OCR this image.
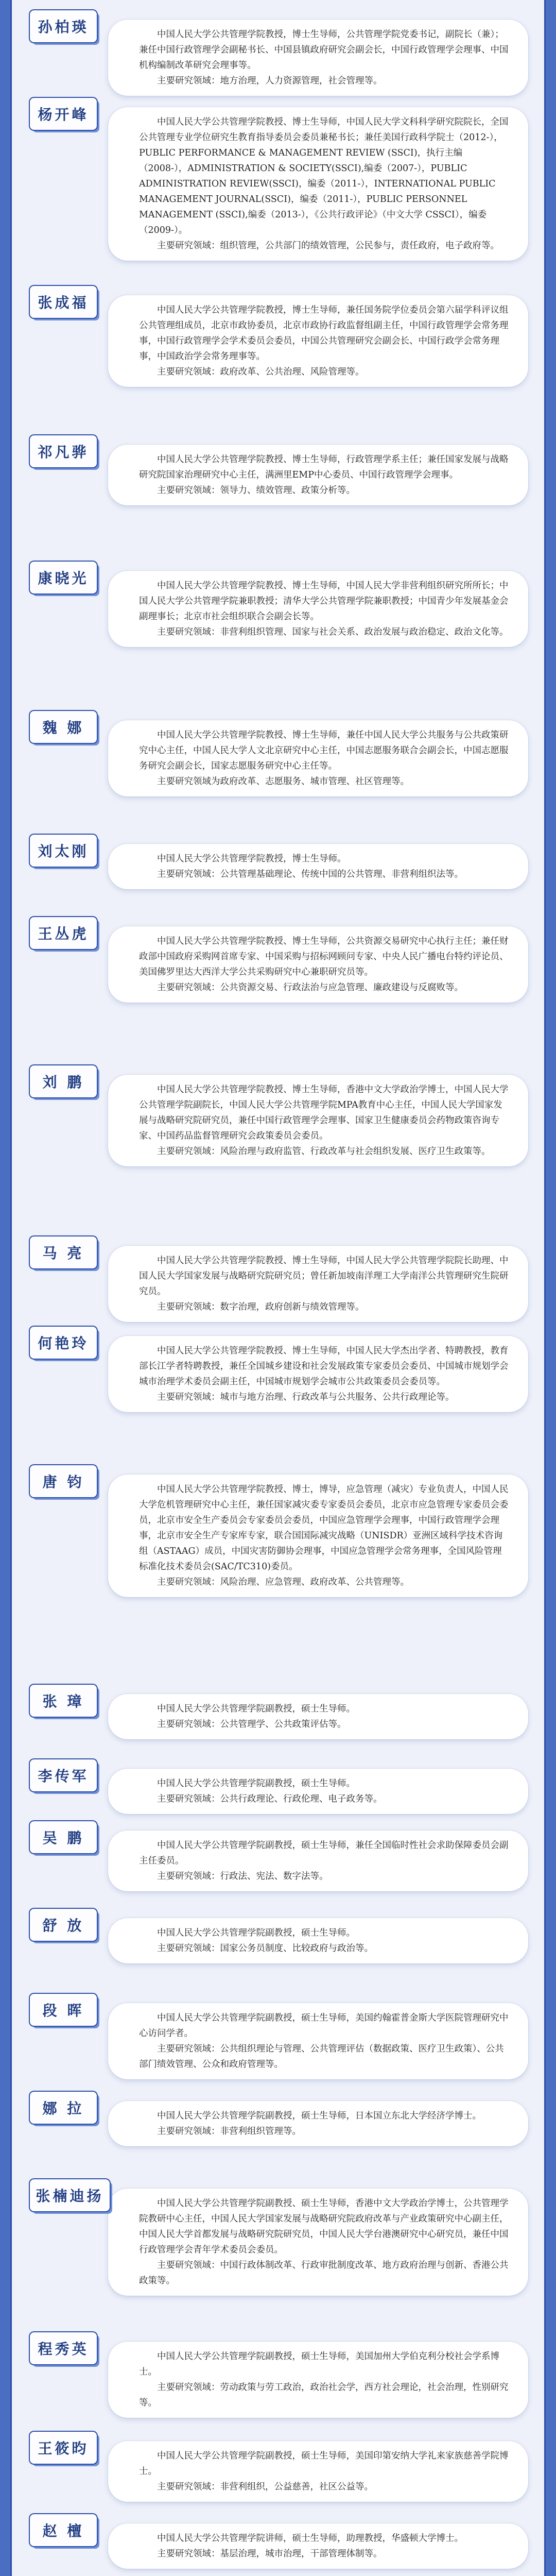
中国人民大学公共管理学院教授，博士生导师，公共管理学院党委书记，副院长（兼）；兼任中国行政管理学会副秘书长、中国县镇政府研究会副会长，中国行政管理学会理事、中国机构编制改革研究会理事等。

主要研究领域：地方治理，人力资源管理，社会管理等。

孙柏瑛

中国人民大学公共管理学院教授、博士生导师，中国人民大学文科科学研究院院长，全国公共管理专业学位研究生教育指导委员会委员兼秘书长；兼任美国行政科学院士（2012-），PUBLIC PERFORMANCE & MANAGEMENT REVIEW (SSCI)，执行主编（2008-），ADMINISTRATION & SOCIETY(SSCI),编委（2007-），PUBLIC ADMINISTRATION REVIEW(SSCI)，编委（2011-），INTERNATIONAL PUBLIC MANAGEMENT JOURNAL(SSCI)，编委（2011-），PUBLIC PERSONNEL MANAGEMENT (SSCI),编委（2013-），《公共行政评论》（中文大学 CSSCI），编委（2009-）。

主要研究领域：组织管理，公共部门的绩效管理，公民参与，责任政府，电子政府等。

杨开峰

中国人民大学公共管理学院教授，博士生导师，兼任国务院学位委员会第六届学科评议组公共管理组成员，北京市政协委员，北京市政协行政监督组副主任，中国行政管理学会常务理事，中国行政管理学会学术委员会委员，中国公共管理研究会副会长、中国行政学会常务理事，中国政治学会常务理事等。

主要研究领域：政府改革、公共治理、风险管理等。

张成福

中国人民大学公共管理学院教授、博士生导师，行政管理学系主任；兼任国家发展与战略研究院国家治理研究中心主任，满洲里EMP中心委员、中国行政管理学会理事。

主要研究领域：领导力、绩效管理、政策分析等。

祁凡骅

中国人民大学公共管理学院教授、博士生导师，中国人民大学非营利组织研究所所长；中国人民大学公共管理学院兼职教授；清华大学公共管理学院兼职教授；中国青少年发展基金会副理事长；北京市社会组织联合会副会长等。

主要研究领域：非营利组织管理、国家与社会关系、政治发展与政治稳定、政治文化等。

康晓光

中国人民大学公共管理学院教授、博士生导师，兼任中国人民大学公共服务与公共政策研究中心主任，中国人民大学人文北京研究中心主任，中国志愿服务联合会副会长，中国志愿服务研究会副会长，国家志愿服务研究中心主任等。

主要研究领域为政府改革、志愿服务、城市管理、社区管理等。

魏 娜

中国人民大学公共管理学院教授，博士生导师。

主要研究领域：公共管理基础理论、传统中国的公共管理、非营利组织法等。

刘太刚

中国人民大学公共管理学院教授、博士生导师，公共资源交易研究中心执行主任；兼任财政部中国政府采购网首席专家、中国采购与招标网顾问专家、中央人民广播电台特约评论员、美国佛罗里达大西洋大学公共采购研究中心兼职研究员等。

主要研究领域：公共资源交易、行政法治与应急管理、廉政建设与反腐败等。

王丛虎

中国人民大学公共管理学院教授、博士生导师，香港中文大学政治学博士，中国人民大学公共管理学院副院长，中国人民大学公共管理学院MPA教育中心主任，中国人民大学国家发展与战略研究院研究员，兼任中国行政管理学会理事、国家卫生健康委员会药物政策咨询专家、中国药品监督管理研究会政策委员会委员。

主要研究领域：风险治理与政府监管、行政改革与社会组织发展、医疗卫生政策等。

刘 鹏

中国人民大学公共管理学院教授、博士生导师，中国人民大学公共管理学院院长助理、中国人民大学国家发展与战略研究院研究员；曾任新加坡南洋理工大学南洋公共管理研究生院研究员。

主要研究领域：数字治理，政府创新与绩效管理等。

马 亮

中国人民大学公共管理学院教授、博士生导师，中国人民大学杰出学者、特聘教授，教育部长江学者特聘教授，兼任全国城乡建设和社会发展政策专家委员会委员、中国城市规划学会城市治理学术委员会副主任，中国城市规划学会城市公共政策委员会委员等。

主要研究领域：城市与地方治理、行政改革与公共服务、公共行政理论等。

何艳玲

中国人民大学公共管理学院教授、博士，博导，应急管理（减灾）专业负责人，中国人民大学危机管理研究中心主任，兼任国家减灾委专家委员会委员，北京市应急管理专家委员会委员，北京市安全生产委员会专家委员会委员，中国应急管理学会理事，中国行政管理学会理事，北京市安全生产专家库专家，联合国国际减灾战略（UNISDR）亚洲区域科学技术咨询组（ASTAAG）成员，中国灾害防御协会理事，中国应急管理学会常务理事，全国风险管理标准化技术委员会(SAC/TC310)委员。

主要研究领域：风险治理、应急管理、政府改革、公共管理等。

唐 钧

中国人民大学公共管理学院副教授，硕士生导师。

主要研究领域：公共管理学、公共政策评估等。

张 璋

中国人民大学公共管理学院副教授，硕士生导师。

主要研究领域：公共行政理论、行政伦理、电子政务等。

李传军

中国人民大学公共管理学院副教授，硕士生导师，兼任全国临时性社会求助保障委员会副主任委员。

主要研究领域：行政法、宪法、数字法等。

吴 鹏

中国人民大学公共管理学院副教授，硕士生导师。

主要研究领域：国家公务员制度、比较政府与政治等。

舒 放

中国人民大学公共管理学院副教授，硕士生导师，美国约翰霍普金斯大学医院管理研究中心访问学者。

主要研究领域：公共组织理论与管理、公共管理评估（数据政策、医疗卫生政策）、公共部门绩效管理、公众和政府管理等。

段 晖

中国人民大学公共管理学院副教授，硕士生导师，日本国立东北大学经济学博士。

主要研究领域：非营利组织管理等。

娜 拉

中国人民大学公共管理学院副教授、硕士生导师，香港中文大学政治学博士，公共管理学院教研中心主任，中国人民大学国家发展与战略研究院政府改革与产业政策研究中心副主任，中国人民大学首都发展与战略研究院研究员，中国人民大学台港澳研究中心研究员，兼任中国行政管理学会青年学术委员会委员。

主要研究领域：中国行政体制改革、行政审批制度改革、地方政府治理与创新、香港公共政策等。

张楠迪扬

中国人民大学公共管理学院副教授，硕士生导师，美国加州大学伯克利分校社会学系博士。

主要研究领域：劳动政策与劳工政治，政治社会学，西方社会理论，社会治理，性别研究等。

程秀英

中国人民大学公共管理学院副教授，硕士生导师，美国印第安纳大学礼来家族慈善学院博士。

主要研究领域：非营利组织，公益慈善，社区公益等。

王筱昀

中国人民大学公共管理学院讲师，硕士生导师，助理教授，华盛顿大学博士。

主要研究领域：基层治理，城市治理，干部管理体制等。

赵 檀
